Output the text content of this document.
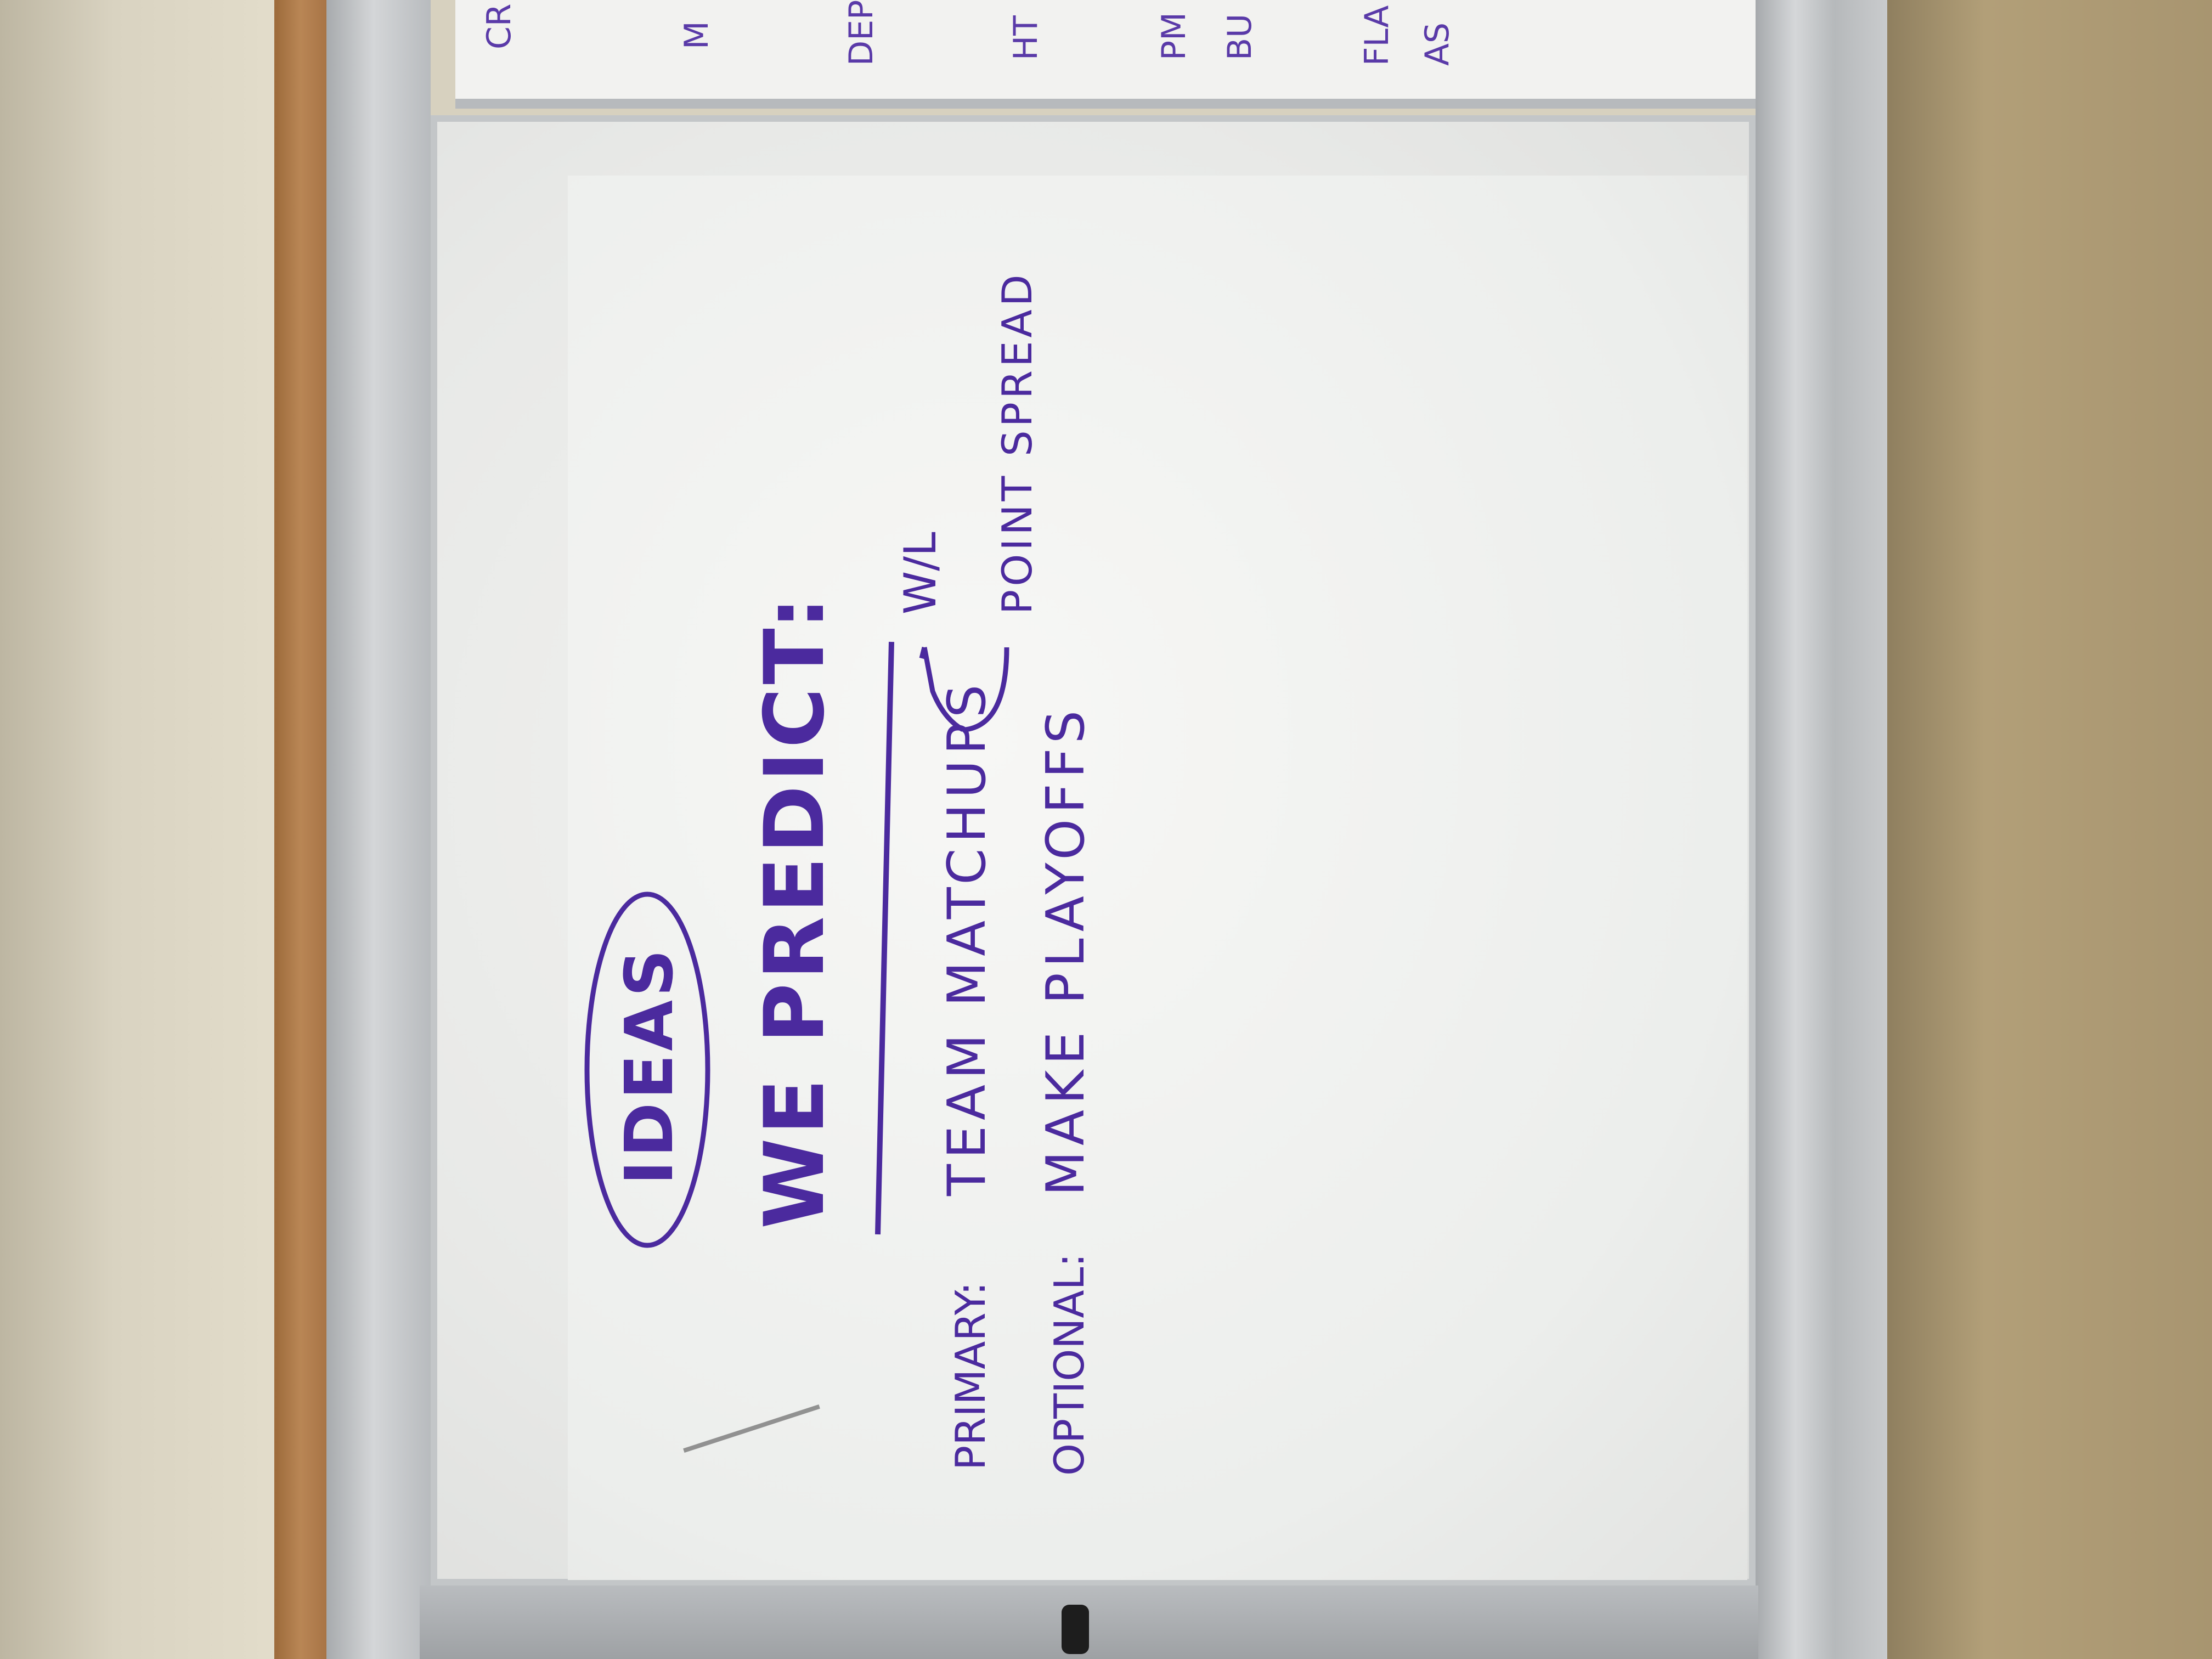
CR	M	DEP	HT	PM BU	FLA AS
IDEAS WE PREDICT:
PRIMARY:
TEAM MATCHUPS
OPTIONAL:
MAKE PLAYOFFS
W/L POINT SPREAD
